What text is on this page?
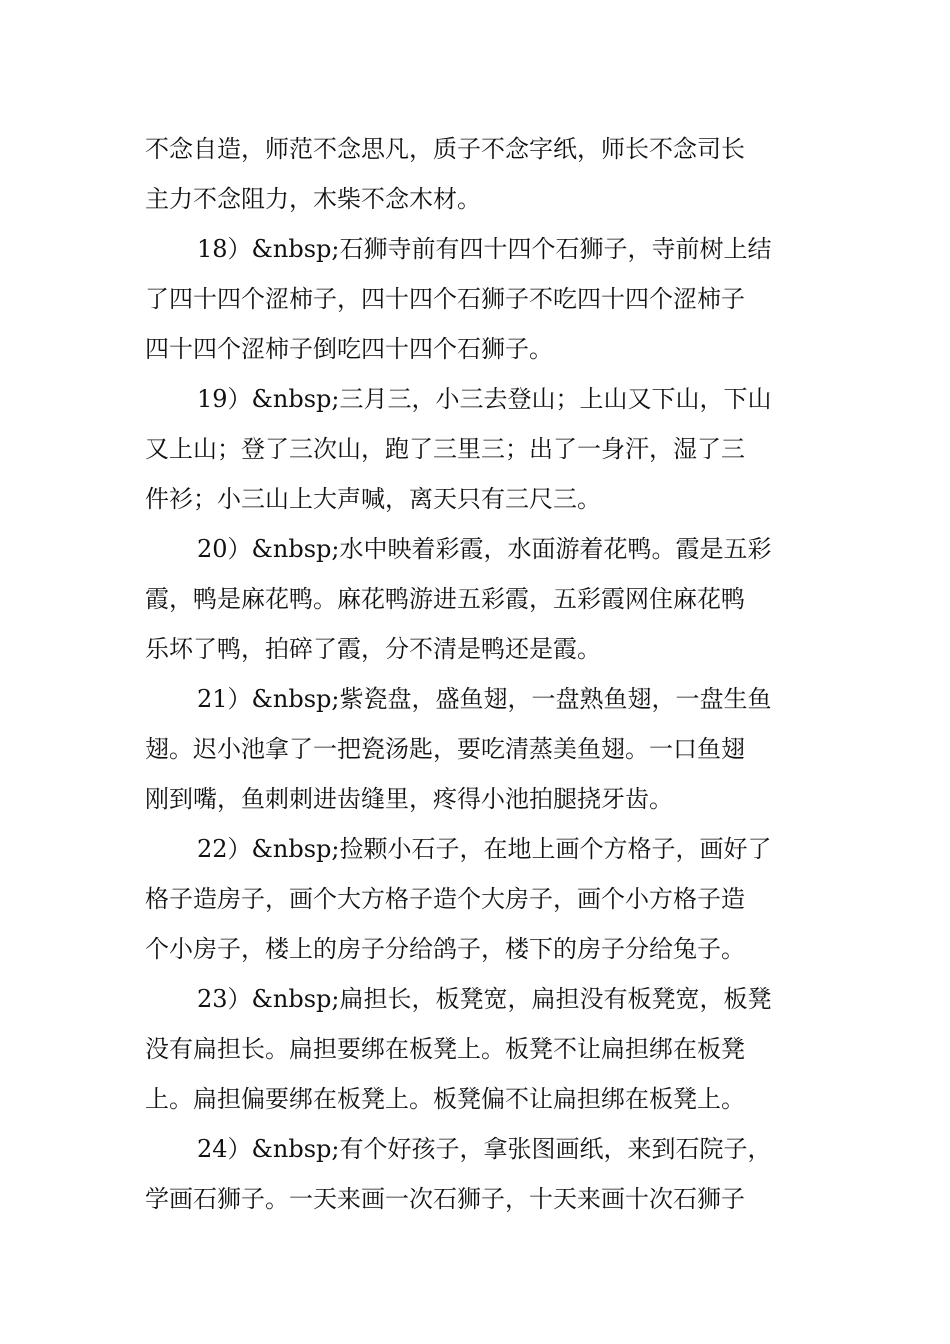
不念自造，师范不念思凡，质子不念字纸，师长不念司长
主力不念阻力，木柴不念木材。

18）&nbsp;石狮寺前有四十四个石狮子，寺前树上结
了四十四个涩柿子，四十四个石狮子不吃四十四个涩柿子
四十四个涩柿子倒吃四十四个石狮子。

19）&nbsp;三月三，小三去登山；上山又下山，下山
又上山；登了三次山，跑了三里三；出了一身汗，湿了三
件衫；小三山上大声喊，离天只有三尺三。

20）&nbsp;水中映着彩霞，水面游着花鸭。霞是五彩
霞，鸭是麻花鸭。麻花鸭游进五彩霞，五彩霞网住麻花鸭
乐坏了鸭，拍碎了霞，分不清是鸭还是霞。

21）&nbsp;紫瓷盘，盛鱼翅，一盘熟鱼翅，一盘生鱼
翅。迟小池拿了一把瓷汤匙，要吃清蒸美鱼翅。一口鱼翅
刚到嘴，鱼刺刺进齿缝里，疼得小池拍腿挠牙齿。

22）&nbsp;捡颗小石子，在地上画个方格子，画好了
格子造房子，画个大方格子造个大房子，画个小方格子造
个小房子，楼上的房子分给鸽子，楼下的房子分给兔子。

23）&nbsp;扁担长，板凳宽，扁担没有板凳宽，板凳
没有扁担长。扁担要绑在板凳上。板凳不让扁担绑在板凳
上。扁担偏要绑在板凳上。板凳偏不让扁担绑在板凳上。

24）&nbsp;有个好孩子，拿张图画纸，来到石院子，
学画石狮子。一天来画一次石狮子，十天来画十次石狮子
